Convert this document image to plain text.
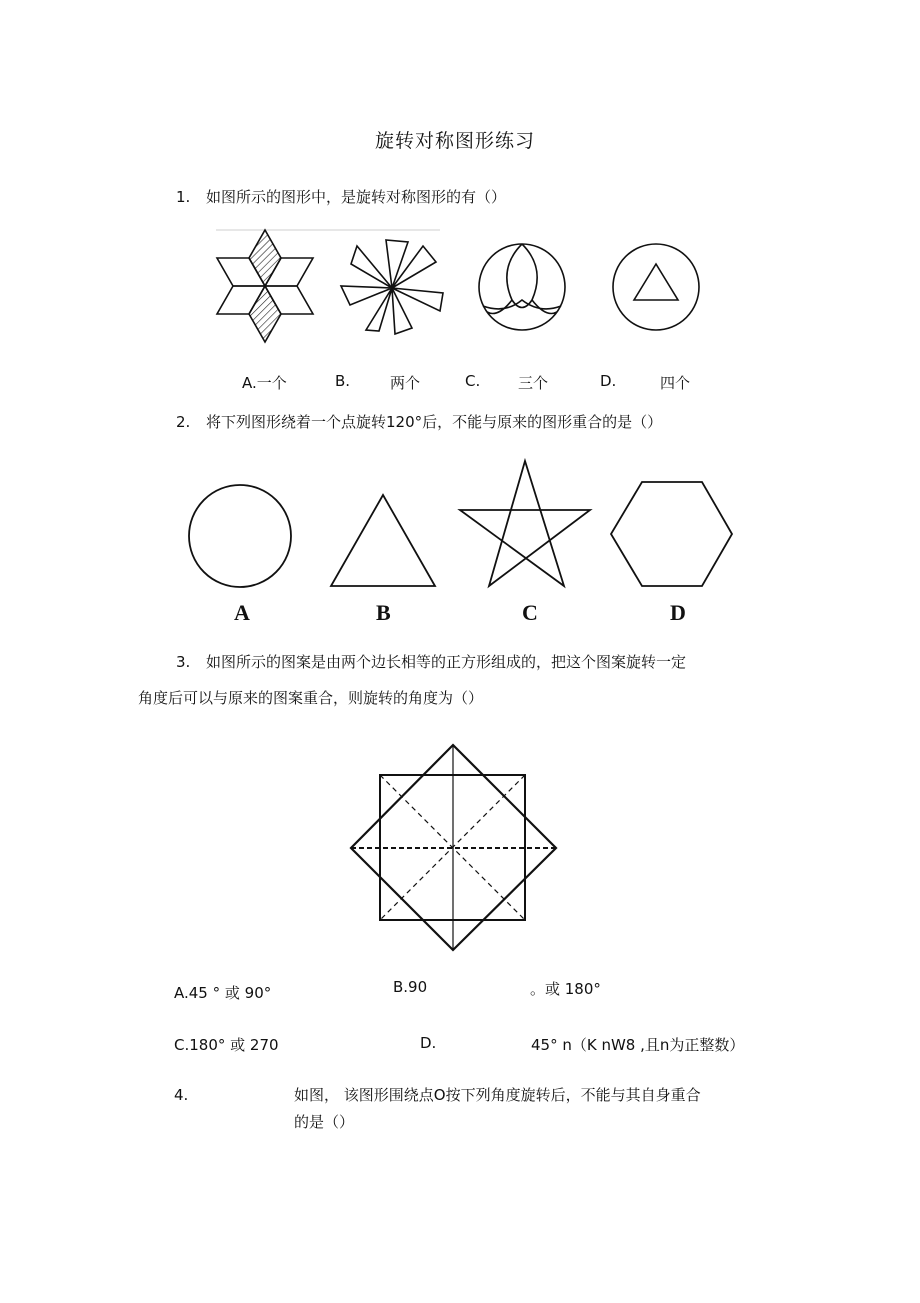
旋转对称图形练习
1. 如图所示的图形中，是旋转对称图形的有（）
A.一个	B.	两个	C.	三个	D.	四个
2. 将下列图形绕着一个点旋转120°后，不能与原来的图形重合的是（）
A	B	C	D
3. 如图所示的图案是由两个边长相等的正方形组成的，把这个图案旋转一定
角度后可以与原来的图案重合，则旋转的角度为（）
A.45 ° 或 90°	B.90	。或 180°
C.180° 或 270	D.	45° n（K nW8 ,且n为正整数）
4.	如图， 该图形围绕点O按下列角度旋转后，不能与其自身重合
的是（）
